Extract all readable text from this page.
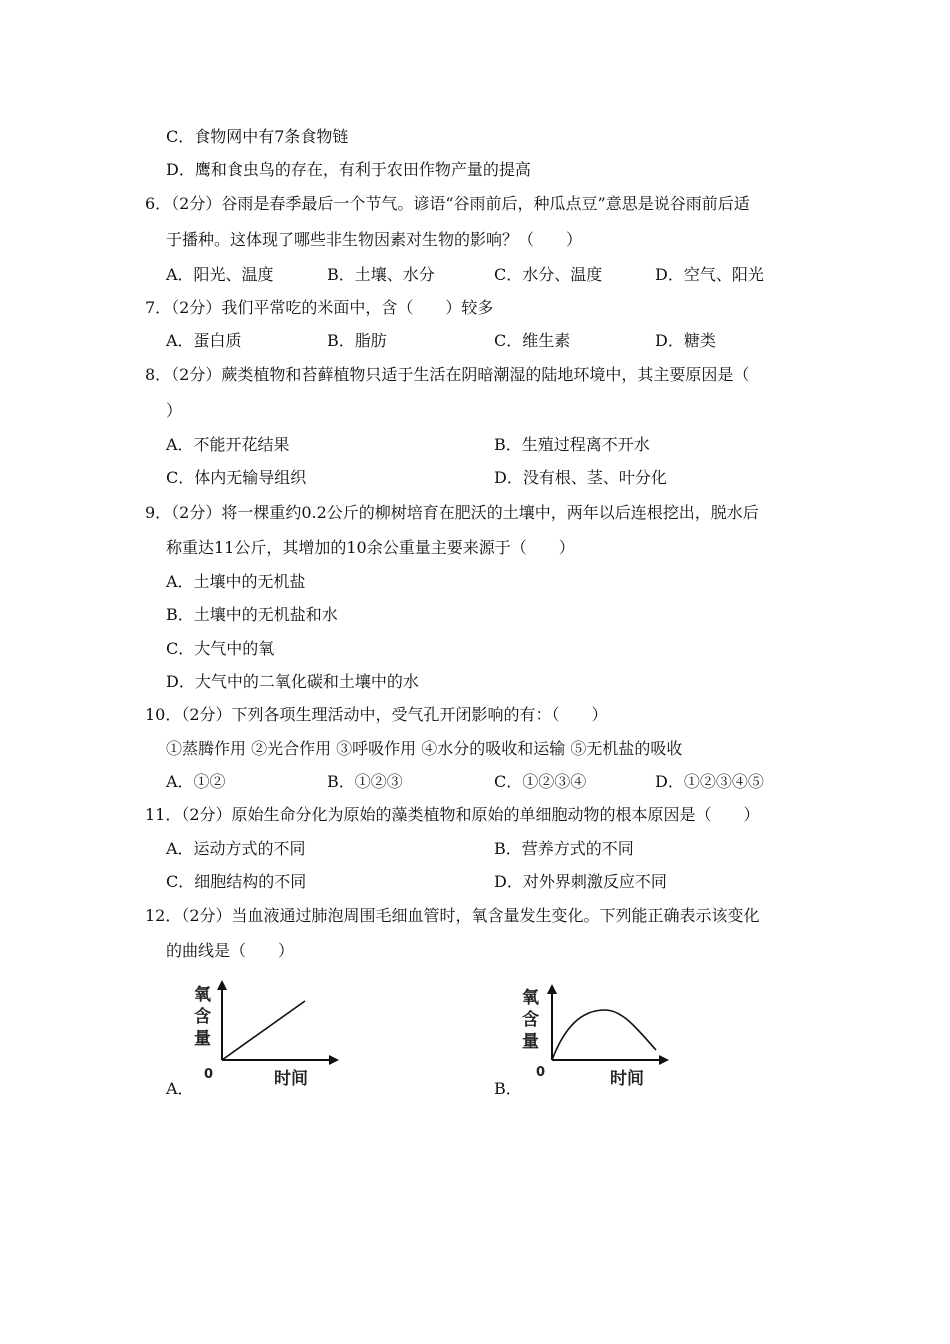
C．食物网中有7条食物链
D．鹰和食虫鸟的存在，有利于农田作物产量的提高
6．（2分）谷雨是春季最后一个节气。谚语“谷雨前后，种瓜点豆”意思是说谷雨前后适
于播种。这体现了哪些非生物因素对生物的影响？（　　）
A．阳光、温度	B．土壤、水分	C．水分、温度	D．空气、阳光
7．（2分）我们平常吃的米面中，含（　　）较多
A．蛋白质	B．脂肪	C．维生素	D．糖类
8．（2分）蕨类植物和苔藓植物只适于生活在阴暗潮湿的陆地环境中，其主要原因是（
）
A．不能开花结果	B．生殖过程离不开水
C．体内无输导组织	D．没有根、茎、叶分化
9．（2分）将一棵重约0.2公斤的柳树培育在肥沃的土壤中，两年以后连根挖出，脱水后
称重达11公斤，其增加的10余公重量主要来源于（　　）
A．土壤中的无机盐
B．土壤中的无机盐和水
C．大气中的氧
D．大气中的二氧化碳和土壤中的水
10．（2分）下列各项生理活动中，受气孔开闭影响的有：（　　）
①蒸腾作用 ②光合作用 ③呼吸作用 ④水分的吸收和运输 ⑤无机盐的吸收
A．①②	B．①②③	C．①②③④	D．①②③④⑤
11．（2分）原始生命分化为原始的藻类植物和原始的单细胞动物的根本原因是（　　）
A．运动方式的不同	B．营养方式的不同
C．细胞结构的不同	D．对外界刺激反应不同
12．（2分）当血液通过肺泡周围毛细血管时，氧含量发生变化。下列能正确表示该变化
的曲线是（　　）
A．
氧
含
量
0	时间	B．
氧
含
量
0	时间
